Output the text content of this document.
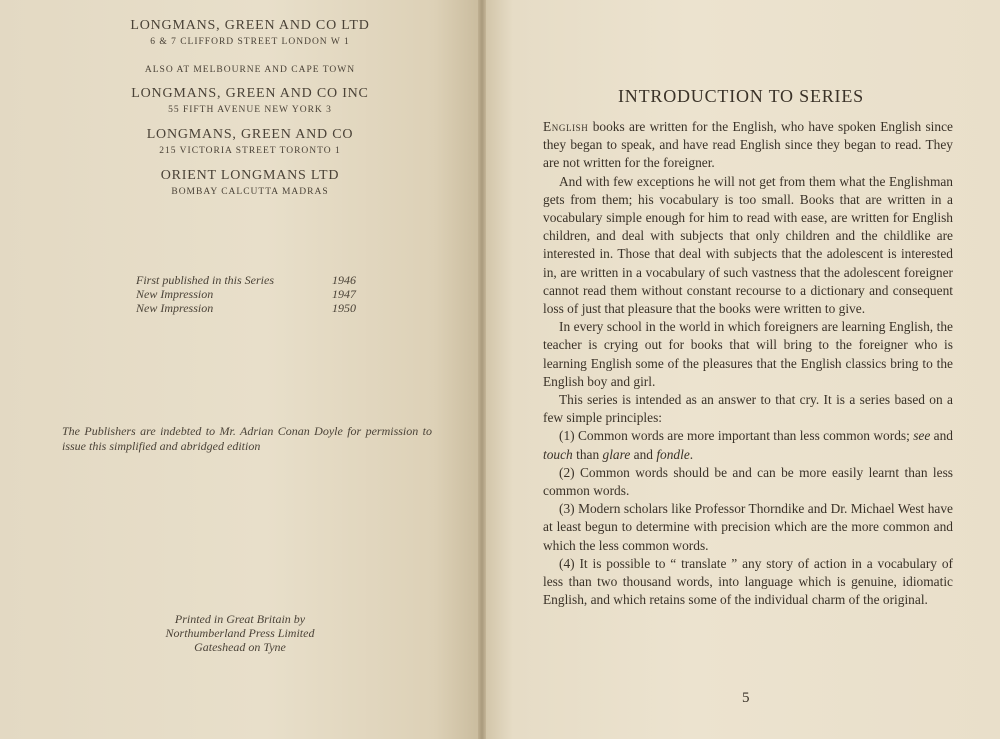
LONGMANS, GREEN AND CO LTD
6 & 7 CLIFFORD STREET LONDON W 1
ALSO AT MELBOURNE AND CAPE TOWN
LONGMANS, GREEN AND CO INC
55 FIFTH AVENUE NEW YORK 3
LONGMANS, GREEN AND CO
215 VICTORIA STREET TORONTO 1
ORIENT LONGMANS LTD
BOMBAY CALCUTTA MADRAS
First published in this Series	1946
New Impression	1947
New Impression	1950
The Publishers are indebted to Mr. Adrian Conan Doyle for permission to issue this simplified and abridged edition
Printed in Great Britain by
Northumberland Press Limited
Gateshead on Tyne
INTRODUCTION TO SERIES

English books are written for the English, who have spoken English since they began to speak, and have read English since they began to read. They are not written for the foreigner.

And with few exceptions he will not get from them what the Englishman gets from them; his vocabulary is too small. Books that are written in a vocabulary simple enough for him to read with ease, are written for English children, and deal with subjects that only children and the childlike are interested in. Those that deal with subjects that the adolescent is interested in, are written in a vocabulary of such vastness that the adolescent foreigner cannot read them without constant recourse to a dictionary and consequent loss of just that pleasure that the books were written to give.

In every school in the world in which foreigners are learning English, the teacher is crying out for books that will bring to the foreigner who is learning English some of the pleasures that the English classics bring to the English boy and girl.

This series is intended as an answer to that cry. It is a series based on a few simple principles:

(1) Common words are more important than less common words; see and touch than glare and fondle.

(2) Common words should be and can be more easily learnt than less common words.

(3) Modern scholars like Professor Thorndike and Dr. Michael West have at least begun to determine with precision which are the more common and which the less common words.

(4) It is possible to “ translate ” any story of action in a vocabulary of less than two thousand words, into language which is genuine, idiomatic English, and which retains some of the individual charm of the original.

5
